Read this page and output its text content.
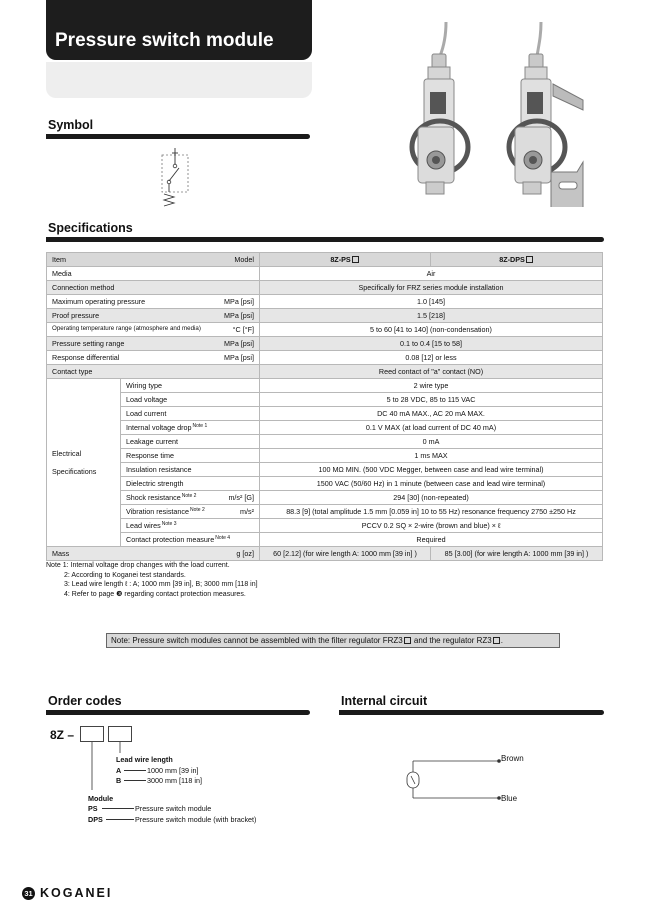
Pressure switch module
Symbol
Specifications
Item Model		8Z-PS	8Z-DPS

Media		Air	

Connection method		Specifically for FRZ series module installation	

Maximum operating pressure MPa [psi]		1.0 [145]	

Proof pressure MPa [psi]		1.5 [218]	

Operating temperature range (atmosphere and media) °C [°F]		5 to 60 [41 to 140] (non-condensation)	

Pressure setting range MPa [psi]		0.1 to 0.4 [15 to 58]	

Response differential MPa [psi]		0.08 [12] or less	

Contact type		Reed contact of "a" contact (NO)	
Electrical

Specifications	Wiring type	2 wire type	

	Load voltage	5 to 28 VDC, 85 to 115 VAC	

	Load current	DC 40 mA MAX., AC 20 mA MAX.	

	Internal voltage drop$^{Note 1}$	0.1 V MAX (at load current of DC 40 mA)	

	Leakage current	0 mA	

	Response time	1 ms MAX	

	Insulation resistance	100 MΩ MIN. (500 VDC Megger, between case and lead wire terminal)	

	Dielectric strength	1500 VAC (50/60 Hz) in 1 minute (between case and lead wire terminal)	

	Shock resistance$^{Note 2}$ m/s² [G]	294 [30] (non-repeated)	

	Vibration resistance$^{Note 2}$ m/s²	88.3 [9] (total amplitude 1.5 mm [0.059 in] 10 to 55 Hz) resonance frequency 2750 ±250 Hz	

	Lead wires$^{Note 3}$	PCCV 0.2 SQ × 2-wire (brown and blue) × ℓ	

	Contact protection measure$^{Note 4}$	Required	

Mass g [oz]		60 [2.12] (for wire length A: 1000 mm [39 in] )	85 [3.00] (for wire length A: 1000 mm [39 in] )
Note 1: Internal voltage drop changes with the load current.
2: According to Koganei test standards.
3: Lead wire length ℓ : A; 1000 mm [39 in], B; 3000 mm [118 in]
4: Refer to page ❸ regarding contact protection measures.
Note: Pressure switch modules cannot be assembled with the filter regulator FRZ3 and the regulator RZ3 .
Order codes	Internal circuit
8Z –
Lead wire length
A	1000 mm [39 in]
B	3000 mm [118 in]
Module
PS	Pressure switch module
DPS	Pressure switch module (with bracket)
Brown
Blue
31 KOGANEI
